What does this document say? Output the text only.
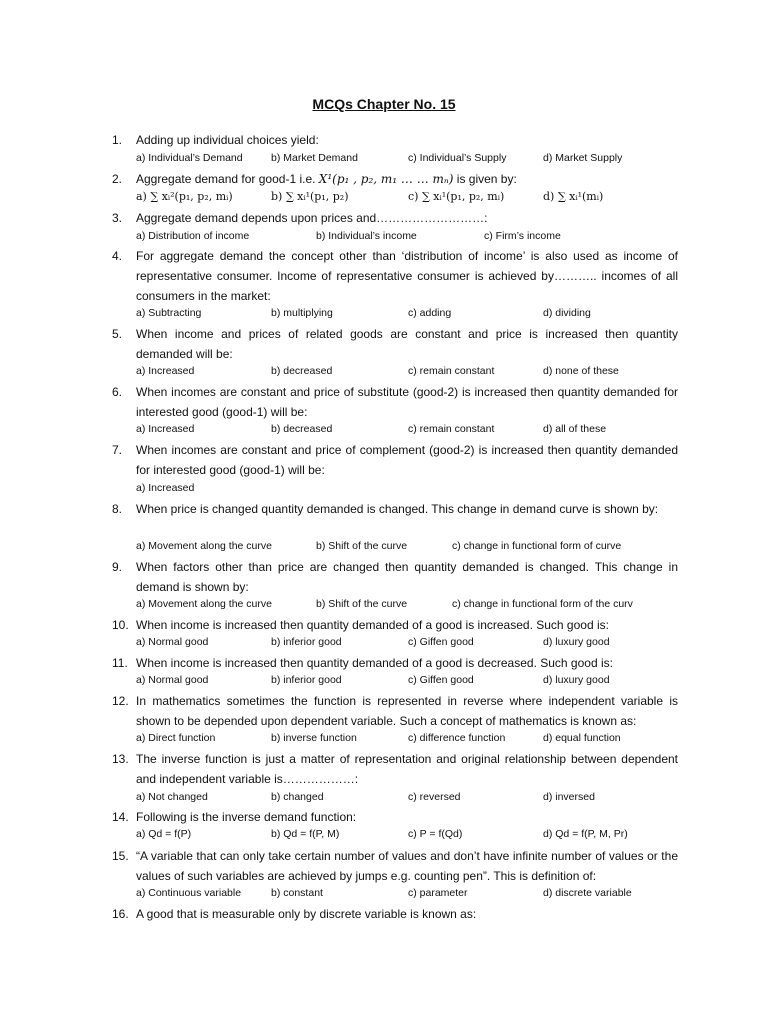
MCQs Chapter No. 15
1. Adding up individual choices yield:
a) Individual’s Demand	b) Market Demand	c) Individual’s Supply	d) Market Supply
2. Aggregate demand for good-1 i.e. X¹(p₁ , p₂, m₁ … … mₙ) is given by:
a) ∑ xᵢ²(p₁, p₂, mᵢ)	b) ∑ xᵢ¹(p₁, p₂)	c) ∑ xᵢ¹(p₁, p₂, mᵢ)	d) ∑ xᵢ¹(mᵢ)
3. Aggregate demand depends upon prices and………………………:
a) Distribution of income	b) Individual’s income	c) Firm’s income
4. For aggregate demand the concept other than ‘distribution of income’ is also used as income of representative consumer. Income of representative consumer is achieved by……….. incomes of all consumers in the market:
a) Subtracting	b) multiplying	c) adding	d) dividing
5. When income and prices of related goods are constant and price is increased then quantity demanded will be:
a) Increased	b) decreased	c) remain constant	d) none of these
6. When incomes are constant and price of substitute (good-2) is increased then quantity demanded for interested good (good-1) will be:
a) Increased	b) decreased	c) remain constant	d) all of these
7. When incomes are constant and price of complement (good-2) is increased then quantity demanded for interested good (good-1) will be:
a) Increased
8. When price is changed quantity demanded is changed. This change in demand curve is shown by:
a) Movement along the curve	b) Shift of the curve	c) change in functional form of curve
9. When factors other than price are changed then quantity demanded is changed. This change in demand is shown by:
a) Movement along the curve	b) Shift of the curve	c) change in functional form of the curv
10. When income is increased then quantity demanded of a good is increased. Such good is:
a) Normal good	b) inferior good	c) Giffen good	d) luxury good
11. When income is increased then quantity demanded of a good is decreased. Such good is:
a) Normal good	b) inferior good	c) Giffen good	d) luxury good
12. In mathematics sometimes the function is represented in reverse where independent variable is shown to be depended upon dependent variable. Such a concept of mathematics is known as:
a) Direct function	b) inverse function	c) difference function	d) equal function
13. The inverse function is just a matter of representation and original relationship between dependent and independent variable is………………:
a) Not changed	b) changed	c) reversed	d) inversed
14. Following is the inverse demand function:
a) Qd = f(P)	b) Qd = f(P, M)	c) P = f(Qd)	d) Qd = f(P, M, Pr)
15. “A variable that can only take certain number of values and don’t have infinite number of values or the values of such variables are achieved by jumps e.g. counting pen”. This is definition of:
a) Continuous variable	b) constant	c) parameter	d) discrete variable
16. A good that is measurable only by discrete variable is known as:
